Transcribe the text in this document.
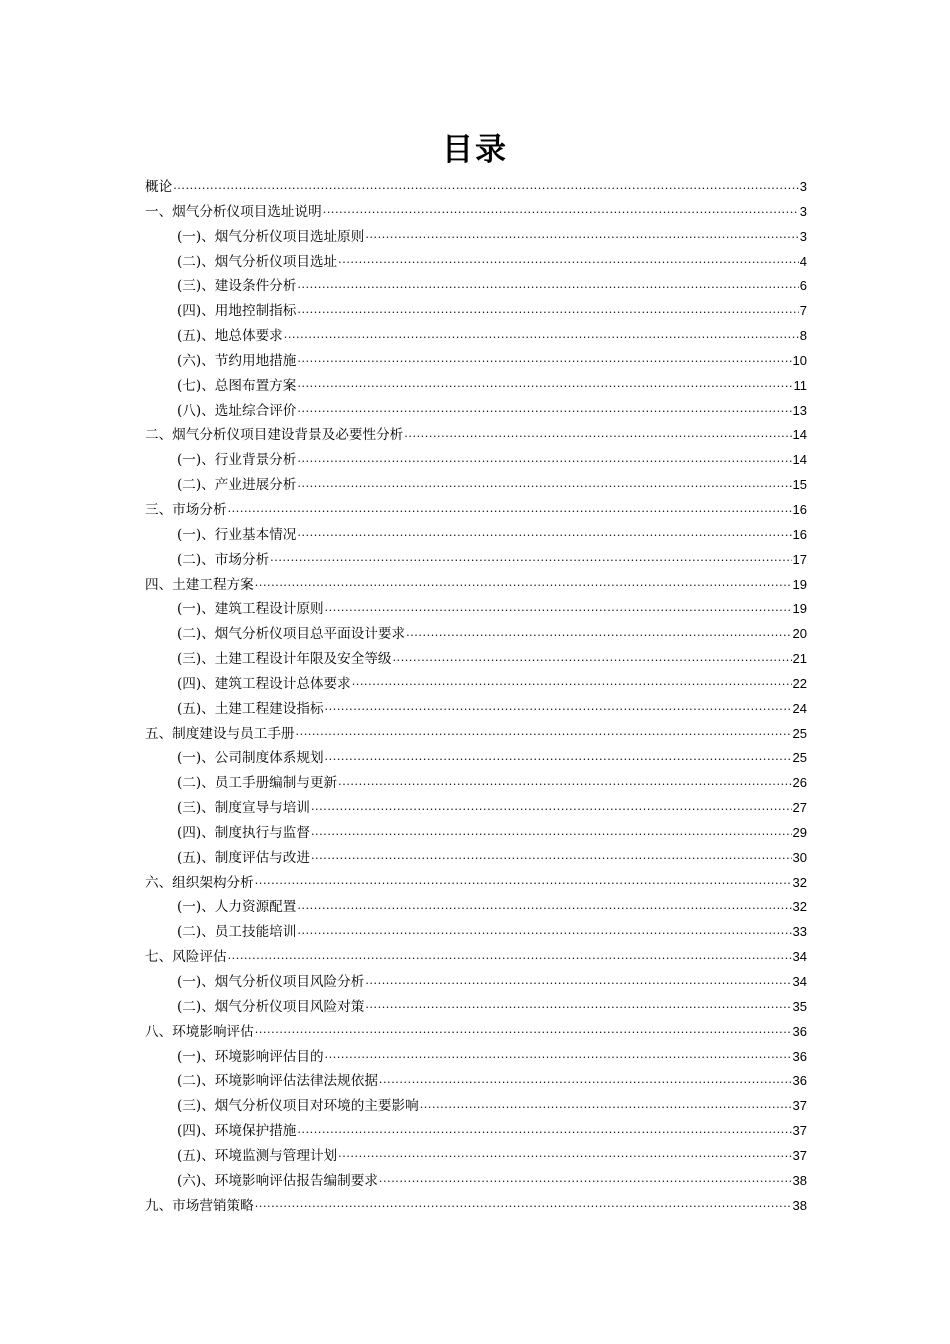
目录
概论 .....	3
一、烟气分析仪项目选址说明 .....	3
(一)、烟气分析仪项目选址原则 .....	3
(二)、烟气分析仪项目选址 .....	4
(三)、建设条件分析 .....	6
(四)、用地控制指标 .....	7
(五)、地总体要求 .....	8
(六)、节约用地措施 .....	10
(七)、总图布置方案 .....	11
(八)、选址综合评价 .....	13
二、烟气分析仪项目建设背景及必要性分析 .....	14
(一)、行业背景分析 .....	14
(二)、产业进展分析 .....	15
三、市场分析 .....	16
(一)、行业基本情况 .....	16
(二)、市场分析 .....	17
四、土建工程方案 .....	19
(一)、建筑工程设计原则 .....	19
(二)、烟气分析仪项目总平面设计要求 .....	20
(三)、土建工程设计年限及安全等级 .....	21
(四)、建筑工程设计总体要求 .....	22
(五)、土建工程建设指标 .....	24
五、制度建设与员工手册 .....	25
(一)、公司制度体系规划 .....	25
(二)、员工手册编制与更新 .....	26
(三)、制度宣导与培训 .....	27
(四)、制度执行与监督 .....	29
(五)、制度评估与改进 .....	30
六、组织架构分析 .....	32
(一)、人力资源配置 .....	32
(二)、员工技能培训 .....	33
七、风险评估 .....	34
(一)、烟气分析仪项目风险分析 .....	34
(二)、烟气分析仪项目风险对策 .....	35
八、环境影响评估 .....	36
(一)、环境影响评估目的 .....	36
(二)、环境影响评估法律法规依据 .....	36
(三)、烟气分析仪项目对环境的主要影响 .....	37
(四)、环境保护措施 .....	37
(五)、环境监测与管理计划 .....	37
(六)、环境影响评估报告编制要求 .....	38
九、市场营销策略 .....	38
